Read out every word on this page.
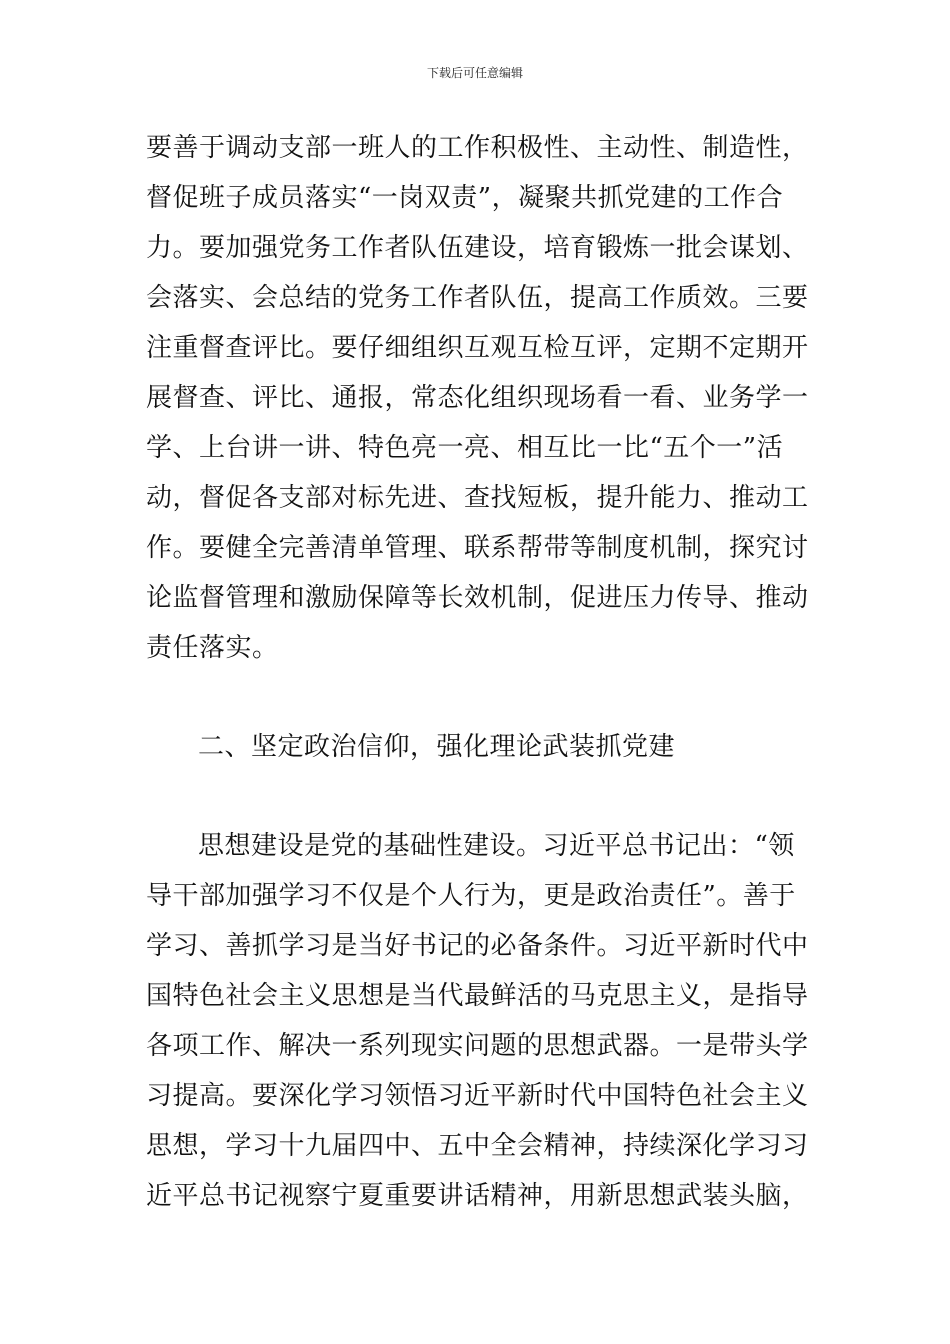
下载后可任意编辑
要善于调动支部一班人的工作积极性、主动性、制造性，
督促班子成员落实“一岗双责”，凝聚共抓党建的工作合
力。要加强党务工作者队伍建设，培育锻炼一批会谋划、
会落实、会总结的党务工作者队伍，提高工作质效。三要
注重督查评比。要仔细组织互观互检互评，定期不定期开
展督查、评比、通报，常态化组织现场看一看、业务学一
学、上台讲一讲、特色亮一亮、相互比一比“五个一”活
动，督促各支部对标先进、查找短板，提升能力、推动工
作。要健全完善清单管理、联系帮带等制度机制，探究讨
论监督管理和激励保障等长效机制，促进压力传导、推动
责任落实。
二、坚定政治信仰，强化理论武装抓党建
思想建设是党的基础性建设。习近平总书记出：“领
导干部加强学习不仅是个人行为，更是政治责任”。善于
学习、善抓学习是当好书记的必备条件。习近平新时代中
国特色社会主义思想是当代最鲜活的马克思主义，是指导
各项工作、解决一系列现实问题的思想武器。一是带头学
习提高。要深化学习领悟习近平新时代中国特色社会主义
思想，学习十九届四中、五中全会精神，持续深化学习习
近平总书记视察宁夏重要讲话精神，用新思想武装头脑，
